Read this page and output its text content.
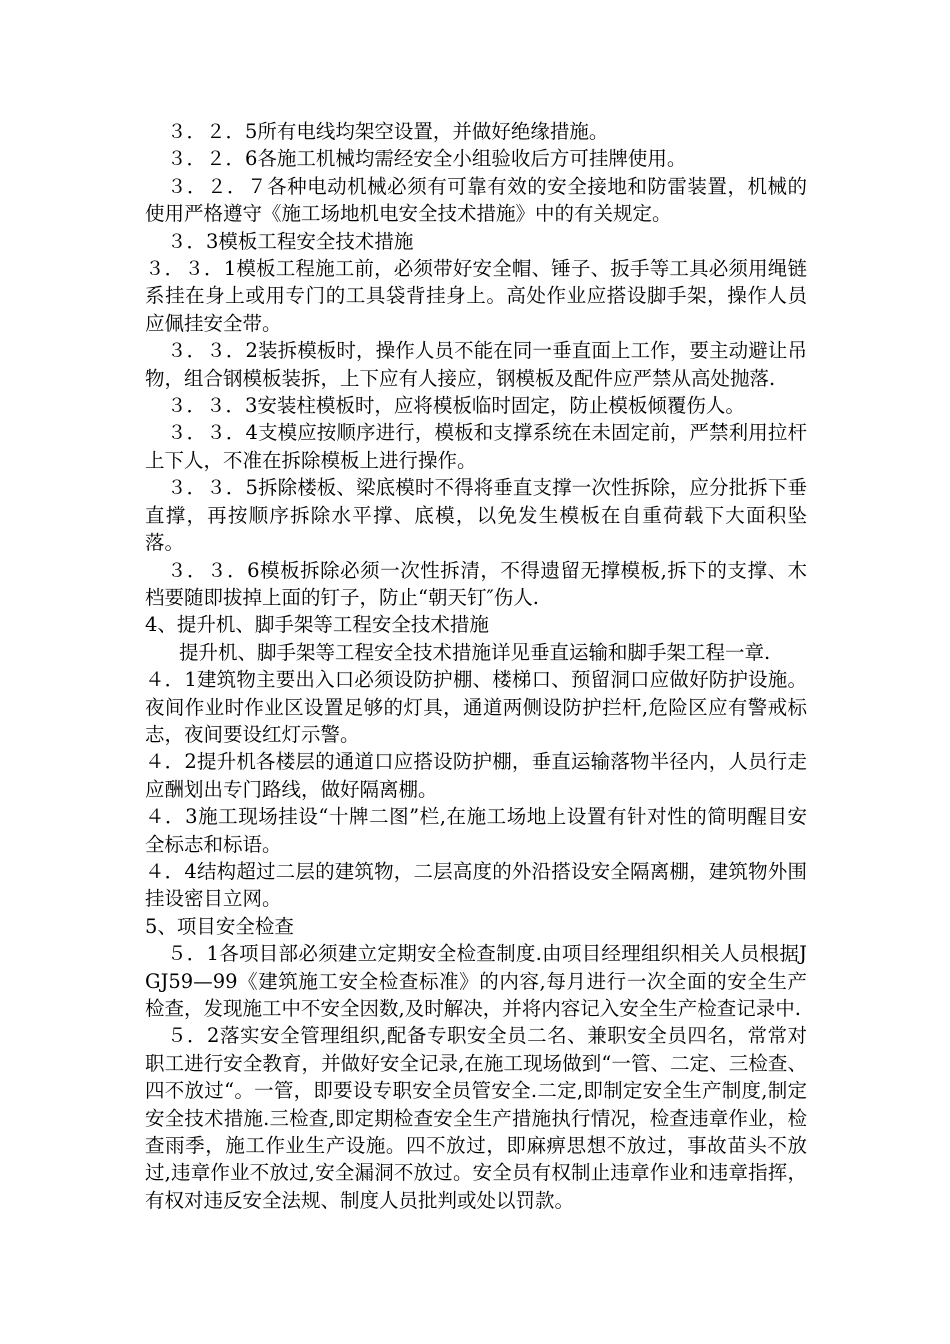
３．２．5所有电线均架空设置，并做好绝缘措施。

３．２．6各施工机械均需经安全小组验收后方可挂牌使用。

３．２．７各种电动机械必须有可靠有效的安全接地和防雷装置，机械的使用严格遵守《施工场地机电安全技术措施》中的有关规定。

３．3模板工程安全技术措施

３．３．1模板工程施工前，必须带好安全帽、锤子、扳手等工具必须用绳链系挂在身上或用专门的工具袋背挂身上。高处作业应搭设脚手架，操作人员应佩挂安全带。

３．３．2装拆模板时，操作人员不能在同一垂直面上工作，要主动避让吊物，组合钢模板装拆，上下应有人接应，钢模板及配件应严禁从高处抛落.

３．３．3安装柱模板时，应将模板临时固定，防止模板倾覆伤人。

３．３．4支模应按顺序进行，模板和支撑系统在未固定前，严禁利用拉杆上下人，不准在拆除模板上进行操作。

３．３．5拆除楼板、梁底模时不得将垂直支撑一次性拆除，应分批拆下垂直撑，再按顺序拆除水平撑、底模，以免发生模板在自重荷载下大面积坠落。

３．３．6模板拆除必须一次性拆清，不得遗留无撑模板,拆下的支撑、木档要随即拔掉上面的钉子，防止“朝天钉″伤人.

4、提升机、脚手架等工程安全技术措施

提升机、脚手架等工程安全技术措施详见垂直运输和脚手架工程一章.

４．1建筑物主要出入口必须设防护棚、楼梯口、预留洞口应做好防护设施。夜间作业时作业区设置足够的灯具，通道两侧设防护拦杆,危险区应有警戒标志，夜间要设红灯示警。

４．2提升机各楼层的通道口应搭设防护棚，垂直运输落物半径内，人员行走应酬划出专门路线，做好隔离棚。

４．3施工现场挂设“十牌二图”栏,在施工场地上设置有针对性的简明醒目安全标志和标语。

４．4结构超过二层的建筑物，二层高度的外沿搭设安全隔离棚，建筑物外围挂设密目立网。

5、项目安全检查

５．1各项目部必须建立定期安全检查制度.由项目经理组织相关人员根据JGJ59—99《建筑施工安全检查标准》的内容,每月进行一次全面的安全生产检查，发现施工中不安全因数,及时解决，并将内容记入安全生产检查记录中.

５．2落实安全管理组织,配备专职安全员二名、兼职安全员四名，常常对职工进行安全教育，并做好安全记录,在施工现场做到“一管、二定、三检查、四不放过“。一管，即要设专职安全员管安全.二定,即制定安全生产制度,制定安全技术措施.三检查,即定期检查安全生产措施执行情况，检查违章作业，检查雨季，施工作业生产设施。四不放过，即麻痹思想不放过，事故苗头不放过,违章作业不放过,安全漏洞不放过。安全员有权制止违章作业和违章指挥，有权对违反安全法规、制度人员批判或处以罚款。
